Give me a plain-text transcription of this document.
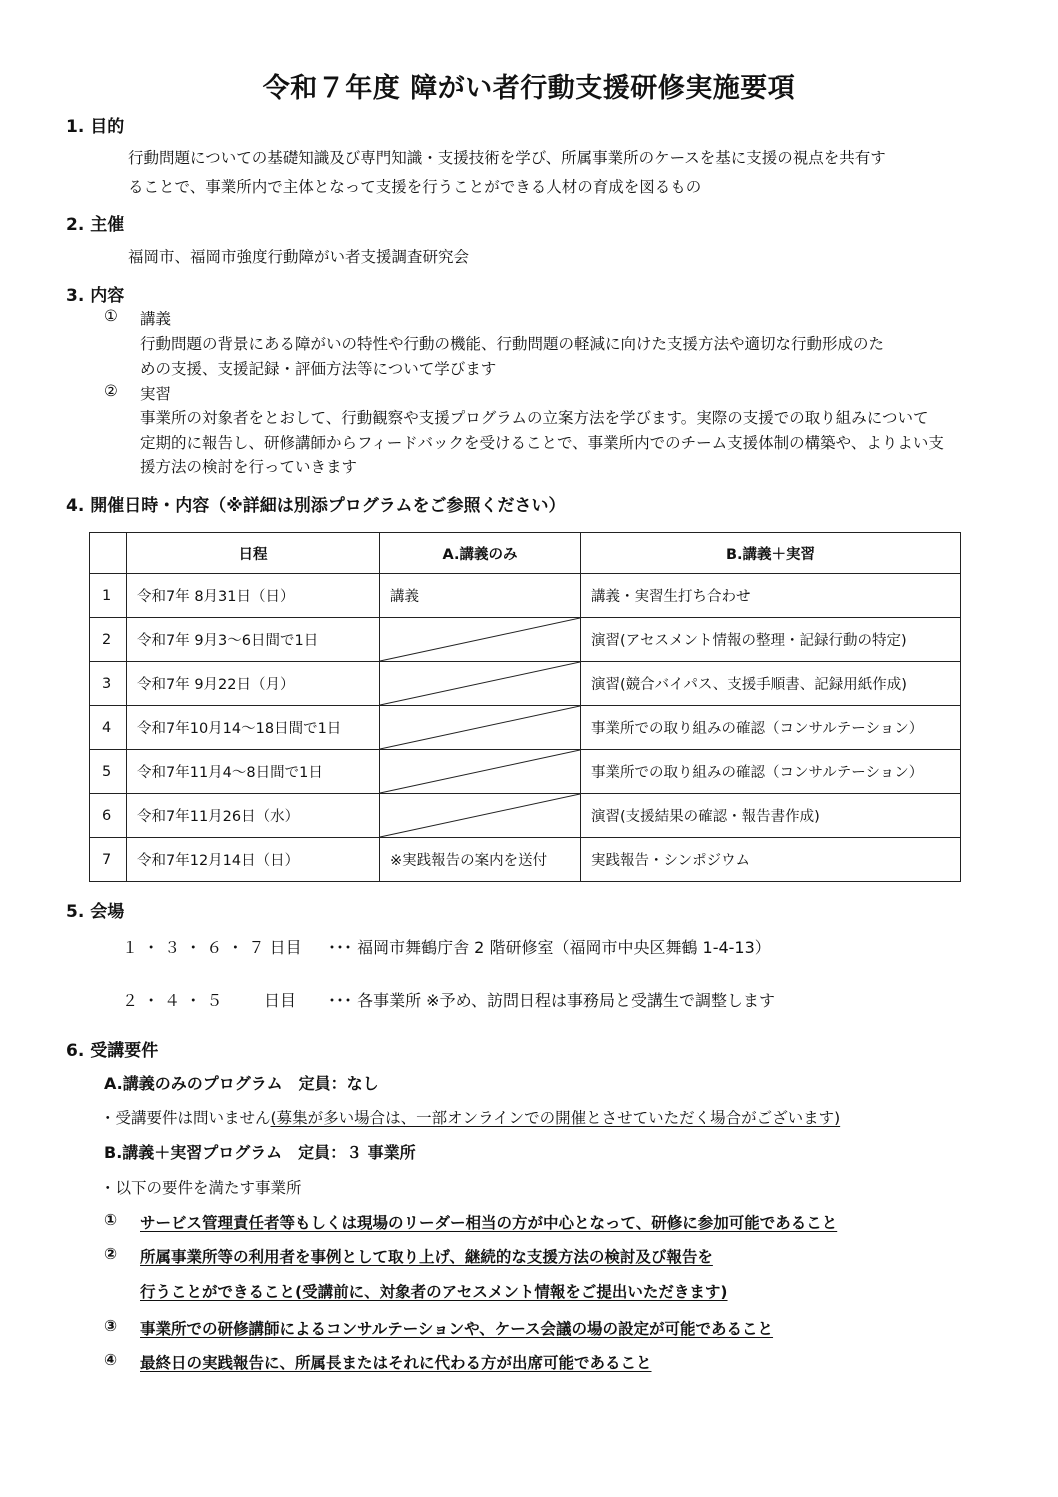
令和７年度 障がい者行動支援研修実施要項
1. 目的
行動問題についての基礎知識及び専門知識・支援技術を学び、所属事業所のケースを基に支援の視点を共有す
ることで、事業所内で主体となって支援を行うことができる人材の育成を図るもの
2. 主催
福岡市、福岡市強度行動障がい者支援調査研究会
3. 内容
① 講義
行動問題の背景にある障がいの特性や行動の機能、行動問題の軽減に向けた支援方法や適切な行動形成のた
めの支援、支援記録・評価方法等について学びます
② 実習
事業所の対象者をとおして、行動観察や支援プログラムの立案方法を学びます。実際の支援での取り組みについて
定期的に報告し、研修講師からフィードバックを受けることで、事業所内でのチーム支援体制の構築や、よりよい支
援方法の検討を行っていきます
4. 開催日時・内容（※詳細は別添プログラムをご参照ください）
	日程	A.講義のみ	B.講義＋実習
1	令和7年 8月31日（日）	講義	講義・実習生打ち合わせ
2	令和7年 9月3～6日間で1日		演習(アセスメント情報の整理・記録行動の特定)
3	令和7年 9月22日（月）		演習(競合バイパス、支援手順書、記録用紙作成)
4	令和7年10月14～18日間で1日		事業所での取り組みの確認（コンサルテーション）
5	令和7年11月4～8日間で1日		事業所での取り組みの確認（コンサルテーション）
6	令和7年11月26日（水）		演習(支援結果の確認・報告書作成)
7	令和7年12月14日（日）	※実践報告の案内を送付	実践報告・シンポジウム
5. 会場
１ ・ ３ ・ ６ ・ ７ 日目 ･･･ 福岡市舞鶴庁舎 2 階研修室（福岡市中央区舞鶴 1-4-13）
２ ・ ４ ・ ５	日目 ･･･ 各事業所 ※予め、訪問日程は事務局と受講生で調整します
6. 受講要件
A.講義のみのプログラム　定員：なし
・受講要件は問いません(募集が多い場合は、一部オンラインでの開催とさせていただく場合がございます)
B.講義＋実習プログラム　定員：３ 事業所
・以下の要件を満たす事業所
① サービス管理責任者等もしくは現場のリーダー相当の方が中心となって、研修に参加可能であること
② 所属事業所等の利用者を事例として取り上げ、継続的な支援方法の検討及び報告を
行うことができること(受講前に、対象者のアセスメント情報をご提出いただきます)
③ 事業所での研修講師によるコンサルテーションや、ケース会議の場の設定が可能であること
④ 最終日の実践報告に、所属長またはそれに代わる方が出席可能であること
